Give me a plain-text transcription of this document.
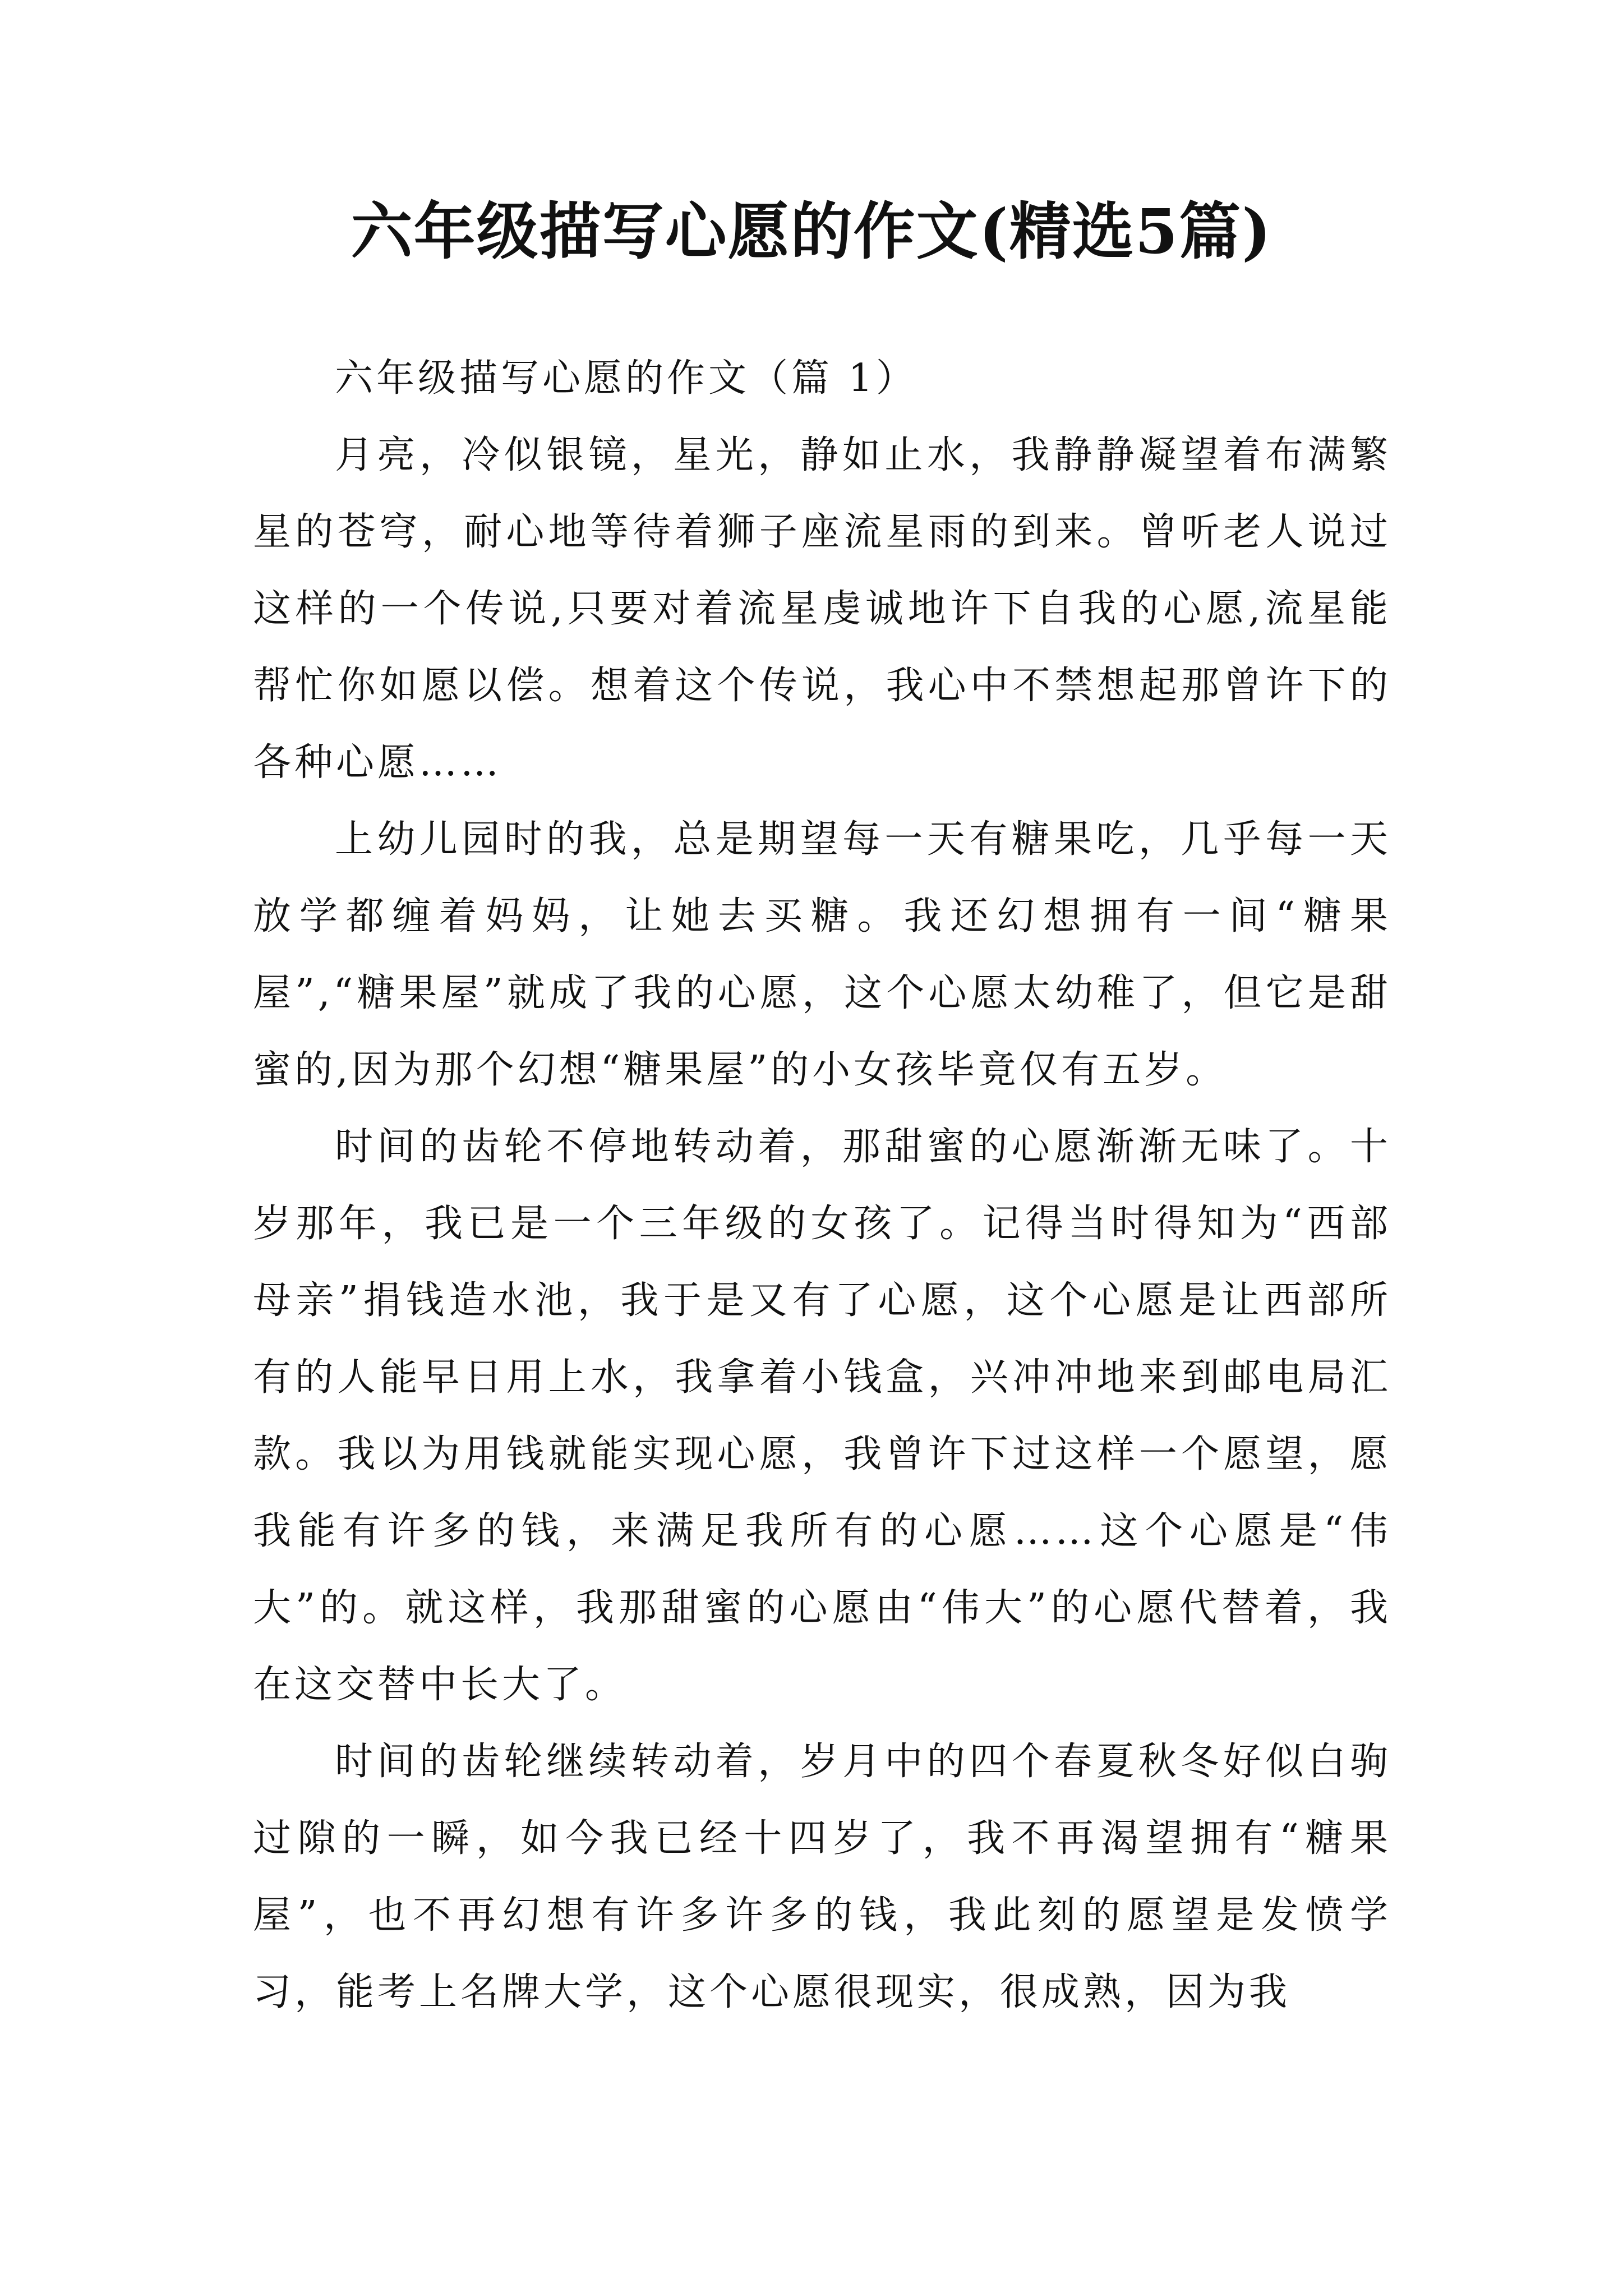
六年级描写心愿的作文(精选5篇)
六年级描写心愿的作文（篇 1）

月亮，冷似银镜，星光，静如止水，我静静凝望着布满繁星的苍穹，耐心地等待着狮子座流星雨的到来。曾听老人说过这样的一个传说,只要对着流星虔诚地许下自我的心愿,流星能帮忙你如愿以偿。想着这个传说，我心中不禁想起那曾许下的各种心愿……

上幼儿园时的我，总是期望每一天有糖果吃，几乎每一天放学都缠着妈妈，让她去买糖。我还幻想拥有一间“糖果屋”,“糖果屋”就成了我的心愿，这个心愿太幼稚了，但它是甜蜜的,因为那个幻想“糖果屋”的小女孩毕竟仅有五岁。

时间的齿轮不停地转动着，那甜蜜的心愿渐渐无味了。十岁那年，我已是一个三年级的女孩了。记得当时得知为“西部母亲”捐钱造水池，我于是又有了心愿，这个心愿是让西部所有的人能早日用上水，我拿着小钱盒，兴冲冲地来到邮电局汇款。我以为用钱就能实现心愿，我曾许下过这样一个愿望，愿我能有许多的钱，来满足我所有的心愿……这个心愿是“伟大”的。就这样，我那甜蜜的心愿由“伟大”的心愿代替着，我在这交替中长大了。

时间的齿轮继续转动着，岁月中的四个春夏秋冬好似白驹过隙的一瞬，如今我已经十四岁了，我不再渴望拥有“糖果屋”，也不再幻想有许多许多的钱，我此刻的愿望是发愤学习，能考上名牌大学，这个心愿很现实，很成熟，因为我
